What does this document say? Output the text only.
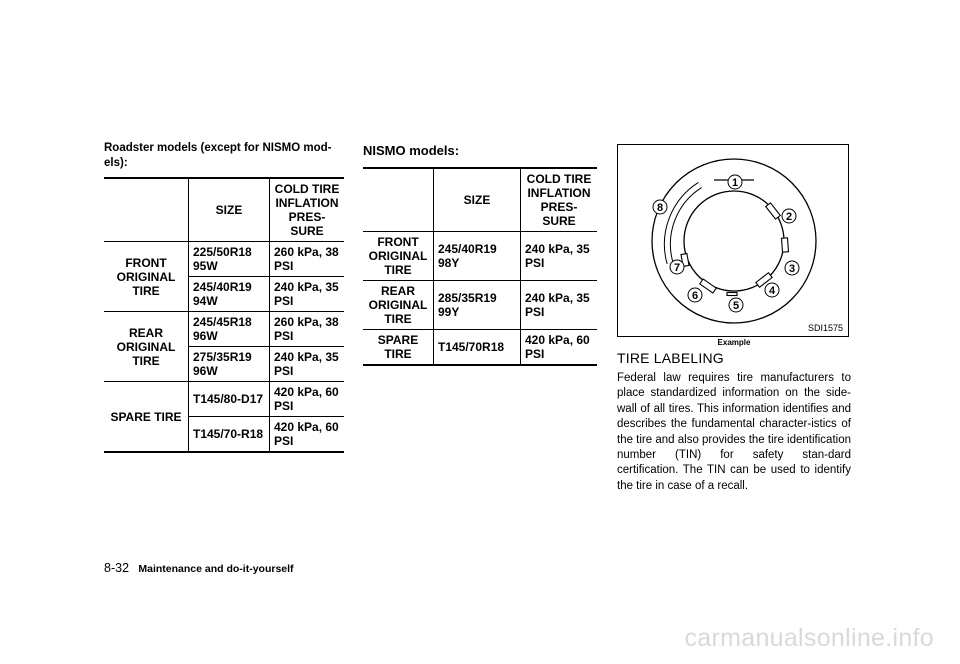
Roadster models (except for NISMO mod-els):
	SIZE	COLD TIRE INFLATION PRES-SURE
FRONT ORIGINAL TIRE	225/50R18 95W	260 kPa, 38 PSI
	245/40R19 94W	240 kPa, 35 PSI
REAR ORIGINAL TIRE	245/45R18 96W	260 kPa, 38 PSI
	275/35R19 96W	240 kPa, 35 PSI
SPARE TIRE	T145/80-D17	420 kPa, 60 PSI
	T145/70-R18	420 kPa, 60 PSI
NISMO models:
	SIZE	COLD TIRE INFLATION PRES-SURE
FRONT ORIGINAL TIRE	245/40R19 98Y	240 kPa, 35 PSI
REAR ORIGINAL TIRE	285/35R19 99Y	240 kPa, 35 PSI
SPARE TIRE	T145/70R18	420 kPa, 60 PSI
1
2
3
4
5
6
7
8
SDI1575
Example
TIRE LABELING

Federal law requires tire manufacturers to place standardized information on the side-wall of all tires. This information identifies and describes the fundamental character-istics of the tire and also provides the tire identification number (TIN) for safety stan-dard certification. The TIN can be used to identify the tire in case of a recall.

8-32 Maintenance and do-it-yourself
carmanualsonline.info
